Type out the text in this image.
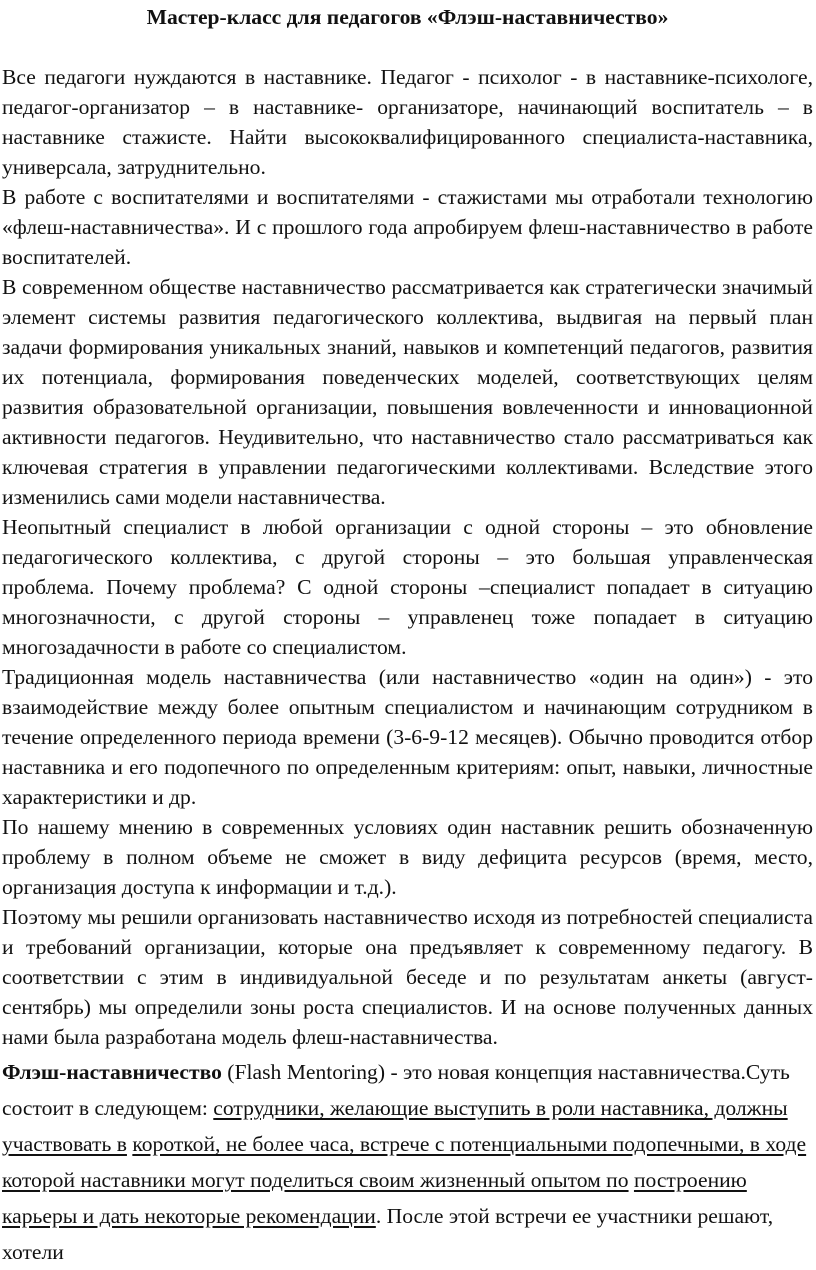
Мастер-класс для педагогов «Флэш-наставничество»

Все педагоги нуждаются в наставнике. Педагог - психолог - в наставнике-психологе, педагог-организатор – в наставнике- организаторе, начинающий воспитатель – в наставнике стажисте. Найти высококвалифицированного специалиста-наставника, универсала, затруднительно.

В работе с воспитателями и воспитателями - стажистами мы отработали технологию «флеш-наставничества». И с прошлого года апробируем флеш-наставничество в работе воспитателей.

В современном обществе наставничество рассматривается как стратегически значимый элемент системы развития педагогического коллектива, выдвигая на первый план задачи формирования уникальных знаний, навыков и компетенций педагогов, развития их потенциала, формирования поведенческих моделей, соответствующих целям развития образовательной организации, повышения вовлеченности и инновационной активности педагогов. Неудивительно, что наставничество стало рассматриваться как ключевая стратегия в управлении педагогическими коллективами. Вследствие этого изменились сами модели наставничества.

Неопытный специалист в любой организации с одной стороны – это обновление педагогического коллектива, с другой стороны – это большая управленческая проблема. Почему проблема? С одной стороны –специалист попадает в ситуацию многозначности, с другой стороны – управленец тоже попадает в ситуацию многозадачности в работе со специалистом.

Традиционная модель наставничества (или наставничество «один на один») - это взаимодействие между более опытным специалистом и начинающим сотрудником в течение определенного периода времени (3-6-9-12 месяцев). Обычно проводится отбор наставника и его подопечного по определенным критериям: опыт, навыки, личностные характеристики и др.

По нашему мнению в современных условиях один наставник решить обозначенную проблему в полном объеме не сможет в виду дефицита ресурсов (время, место, организация доступа к информации и т.д.).

Поэтому мы решили организовать наставничество исходя из потребностей специалиста и требований организации, которые она предъявляет к современному педагогу. В соответствии с этим в индивидуальной беседе и по результатам анкеты (август-сентябрь) мы определили зоны роста специалистов. И на основе полученных данных нами была разработана модель флеш-наставничества.

Флэш-наставничество (Flash Mentoring) - это новая концепция наставничества.Суть состоит в следующем: сотрудники, желающие выступить в роли наставника, должны участвовать в короткой, не более часа, встрече с потенциальными подопечными, в ходе которой наставники могут поделиться своим жизненный опытом по построению карьеры и дать некоторые рекомендации. После этой встречи ее участники решают, хотели
